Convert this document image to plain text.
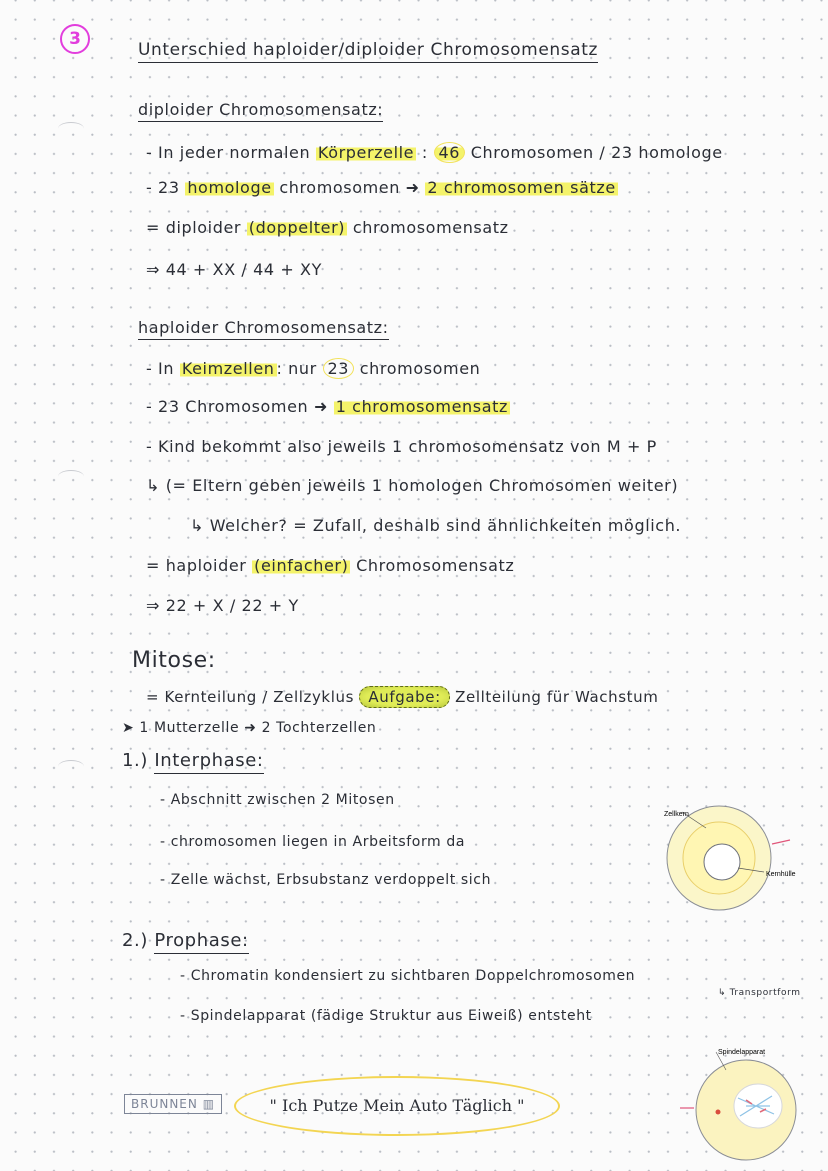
3
Unterschied haploider/diploider Chromosomensatz
diploider Chromosomensatz:
- In jeder normalen Körperzelle : 46 Chromosomen / 23 homologe
- 23 homologe chromosomen ➜ 2 chromosomen sätze
= diploider (doppelter) chromosomensatz
⇒ 44 + XX / 44 + XY
haploider Chromosomensatz:
- In Keimzellen : nur 23 chromosomen
- 23 Chromosomen ➜ 1 chromosomensatz
- Kind bekommt also jeweils 1 chromosomensatz von M + P
↳ (= Eltern geben jeweils 1 homologen Chromosomen weiter)
↳ Welcher? = Zufall, deshalb sind ähnlichkeiten möglich.
= haploider (einfacher) Chromosomensatz
⇒ 22 + X / 22 + Y
Mitose:
= Kernteilung / Zellzyklus Aufgabe: Zellteilung für Wachstum
➤ 1 Mutterzelle ➜ 2 Tochterzellen
1.) Interphase:
- Abschnitt zwischen 2 Mitosen
- chromosomen liegen in Arbeitsform da
- Zelle wächst, Erbsubstanz verdoppelt sich
2.) Prophase:
- Chromatin kondensiert zu sichtbaren Doppelchromosomen
↳ Transportform
- Spindelapparat (fädige Struktur aus Eiweiß) entsteht
Zellkern
Kernhülle
Spindelapparat
BRUNNEN ▥	" Ich Putze Mein Auto Täglich "
